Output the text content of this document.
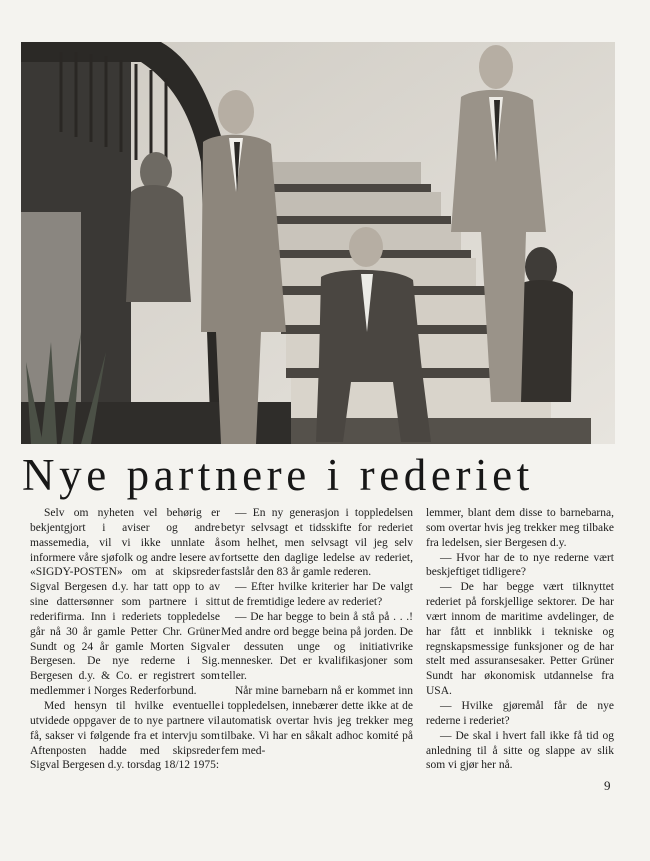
Nye partnere i rederiet

Selv om nyheten vel behørig er bekjentgjort i aviser og andre massemedia, vil vi ikke unnlate å informere våre sjøfolk og andre lesere av «SIGDY-POSTEN» om at skipsreder Sigval Bergesen d.y. har tatt opp to av sine dattersønner som partnere i sitt rederifirma. Inn i rederiets toppledelse går nå 30 år gamle Petter Chr. Grüner Sundt og 24 år gamle Morten Sigval Bergesen. De nye rederne i Sig. Bergesen d.y. & Co. er registrert som medlemmer i Norges Rederforbund.

Med hensyn til hvilke eventuelle utvidede oppgaver de to nye partnere vil få, sakser vi følgende fra et intervju som Aftenposten hadde med skipsreder Sigval Bergesen d.y. torsdag 18/12 1975:

— En ny generasjon i toppledelsen betyr selvsagt et tidsskifte for rederiet som helhet, men selvsagt vil jeg selv fortsette den daglige ledelse av rederiet, fastslår den 83 år gamle rederen.

— Efter hvilke kriterier har De valgt ut de fremtidige ledere av rederiet?

— De har begge to bein å stå på . . .! Med andre ord begge beina på jorden. De er dessuten unge og initiativrike mennesker. Det er kvalifikasjoner som teller.

Når mine barnebarn nå er kommet inn i toppledelsen, innebærer dette ikke at de automatisk overtar hvis jeg trekker meg tilbake. Vi har en såkalt adhoc komité på fem med-

lemmer, blant dem disse to barnebarna, som overtar hvis jeg trekker meg tilbake fra ledelsen, sier Bergesen d.y.

— Hvor har de to nye rederne vært beskjeftiget tidligere?

— De har begge vært tilknyttet rederiet på forskjellige sektorer. De har vært innom de maritime avdelinger, de har fått et innblikk i tekniske og regnskapsmessige funksjoner og de har stelt med assuransesaker. Petter Grüner Sundt har økonomisk utdannelse fra USA.

— Hvilke gjøremål får de nye rederne i rederiet?

— De skal i hvert fall ikke få tid og anledning til å sitte og slappe av slik som vi gjør her nå.

9
